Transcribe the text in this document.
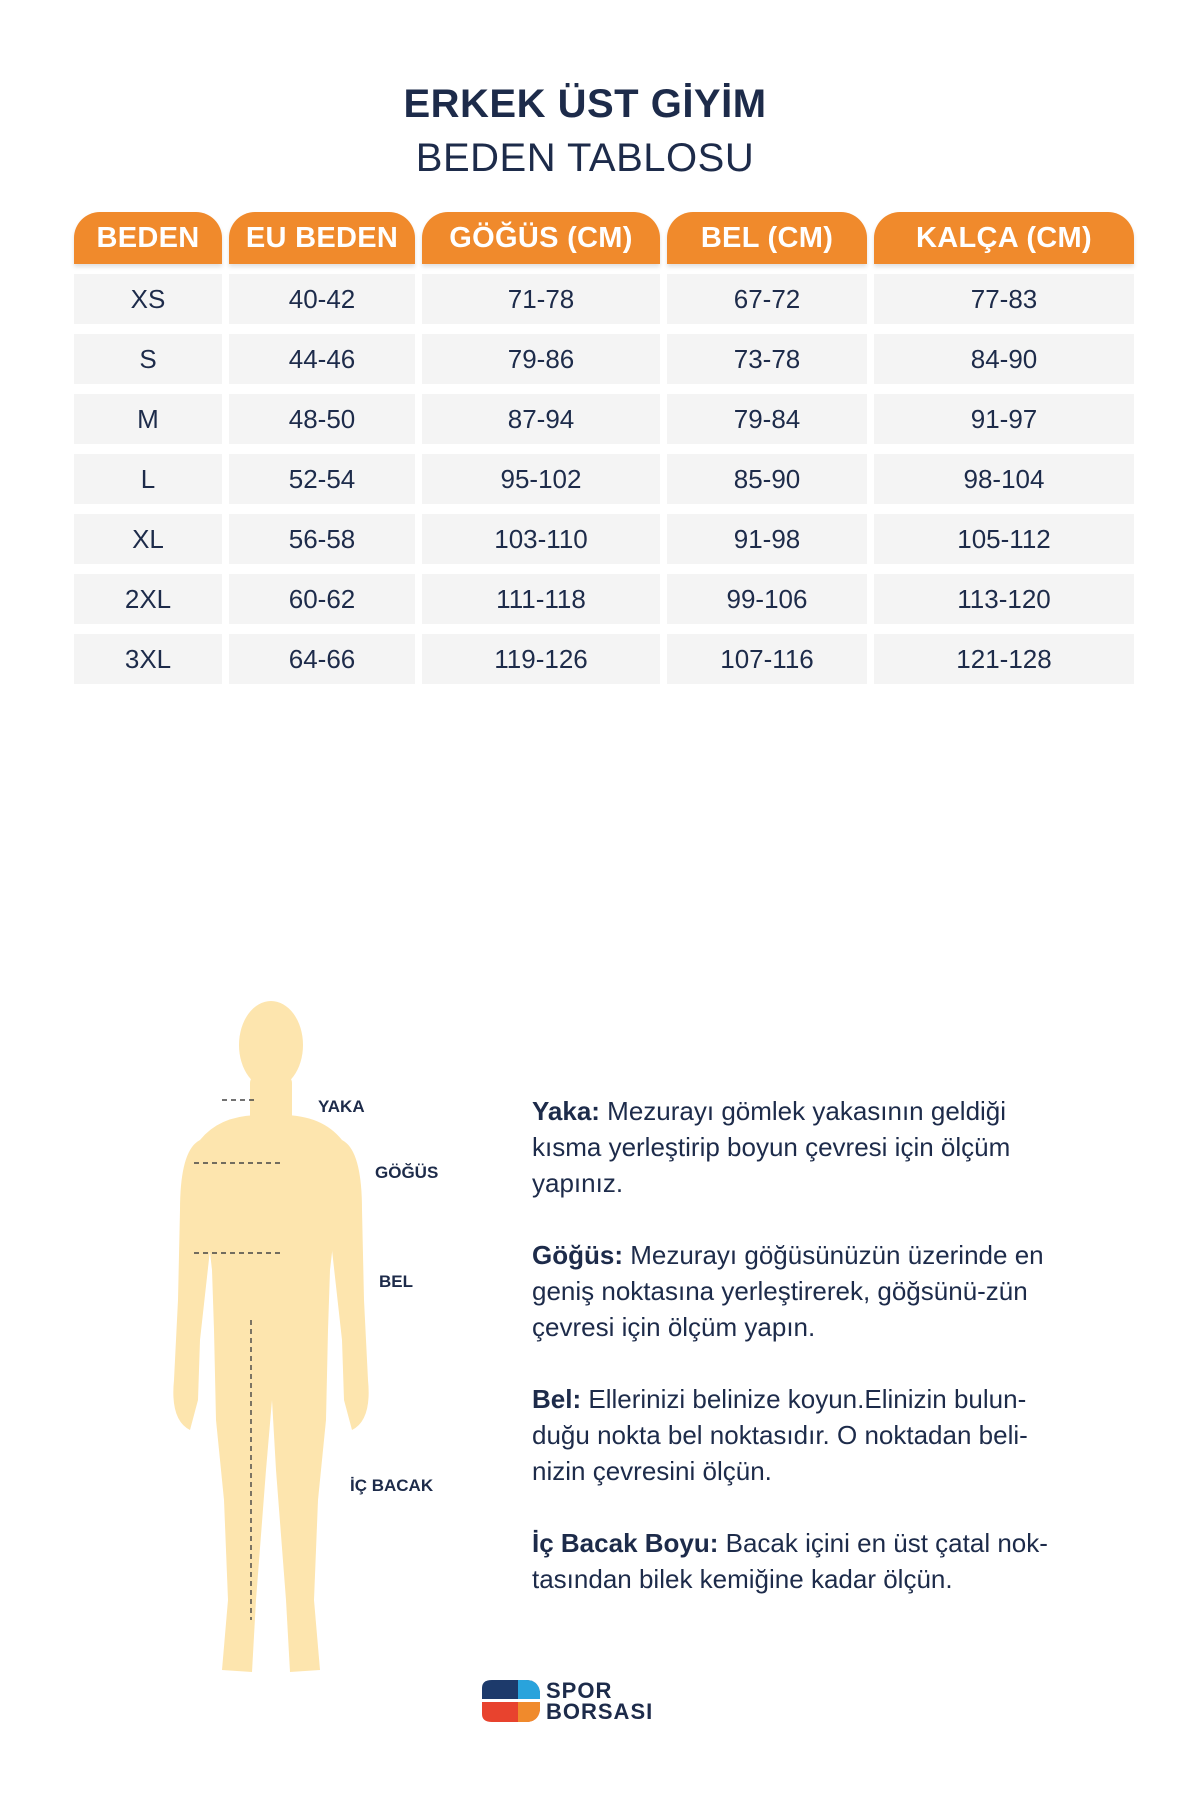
ERKEK ÜST GİYİM
BEDEN TABLOSU
BEDEN	EU BEDEN	GÖĞÜS (CM)	BEL (CM)	KALÇA (CM)
XS	40-42	71-78	67-72	77-83
S	44-46	79-86	73-78	84-90
M	48-50	87-94	79-84	91-97
L	52-54	95-102	85-90	98-104
XL	56-58	103-110	91-98	105-112
2XL	60-62	111-118	99-106	113-120
3XL	64-66	119-126	107-116	121-128
YAKA
GÖĞÜS
BEL
İÇ BACAK

Yaka: Mezurayı gömlek yakasının geldiği kısma yerleştirip boyun çevresi için ölçüm yapınız.

Göğüs: Mezurayı göğüsünüzün üzerinde en geniş noktasına yerleştirerek, göğsünü-zün çevresi için ölçüm yapın.

Bel: Ellerinizi belinize koyun.Elinizin bulun-duğu nokta bel noktasıdır. O noktadan beli-nizin çevresini ölçün.

İç Bacak Boyu: Bacak içini en üst çatal nok-tasından bilek kemiğine kadar ölçün.

SPOR
BORSASI
